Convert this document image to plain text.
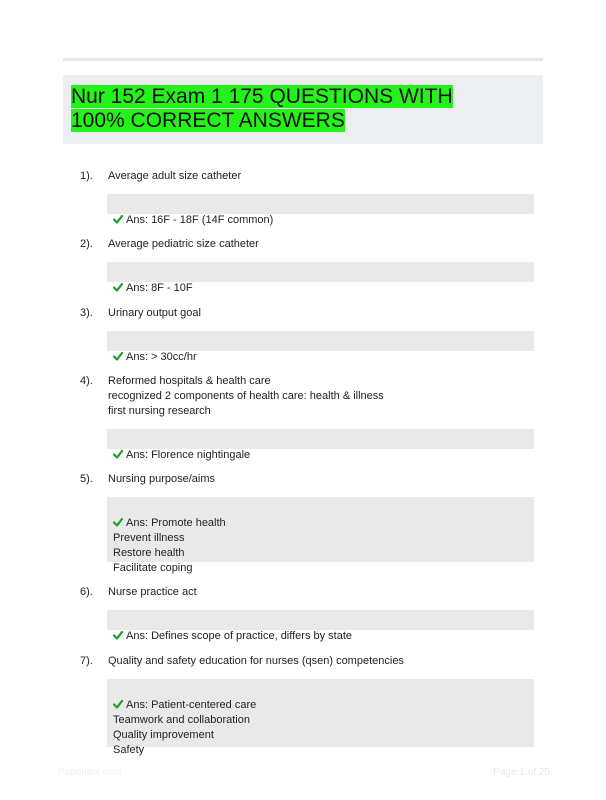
Nur 152 Exam 1 175 QUESTIONS WITH 100% CORRECT ANSWERS
1). Average adult size catheter

Ans: 16F - 18F (14F common)

2). Average pediatric size catheter

Ans: 8F - 10F

3). Urinary output goal

Ans: > 30cc/hr

4). Reformed hospitals & health care
recognized 2 components of health care: health & illness
first nursing research

Ans: Florence nightingale

5). Nursing purpose/aims

Ans: Promote health
Prevent illness
Restore health
Facilitate coping

6). Nurse practice act

Ans: Defines scope of practice, differs by state

7). Quality and safety education for nurses (qsen) competencies

Ans: Patient-centered care
Teamwork and collaboration
Quality improvement
Safety

Paperlibs.com	Page 1 of 25
